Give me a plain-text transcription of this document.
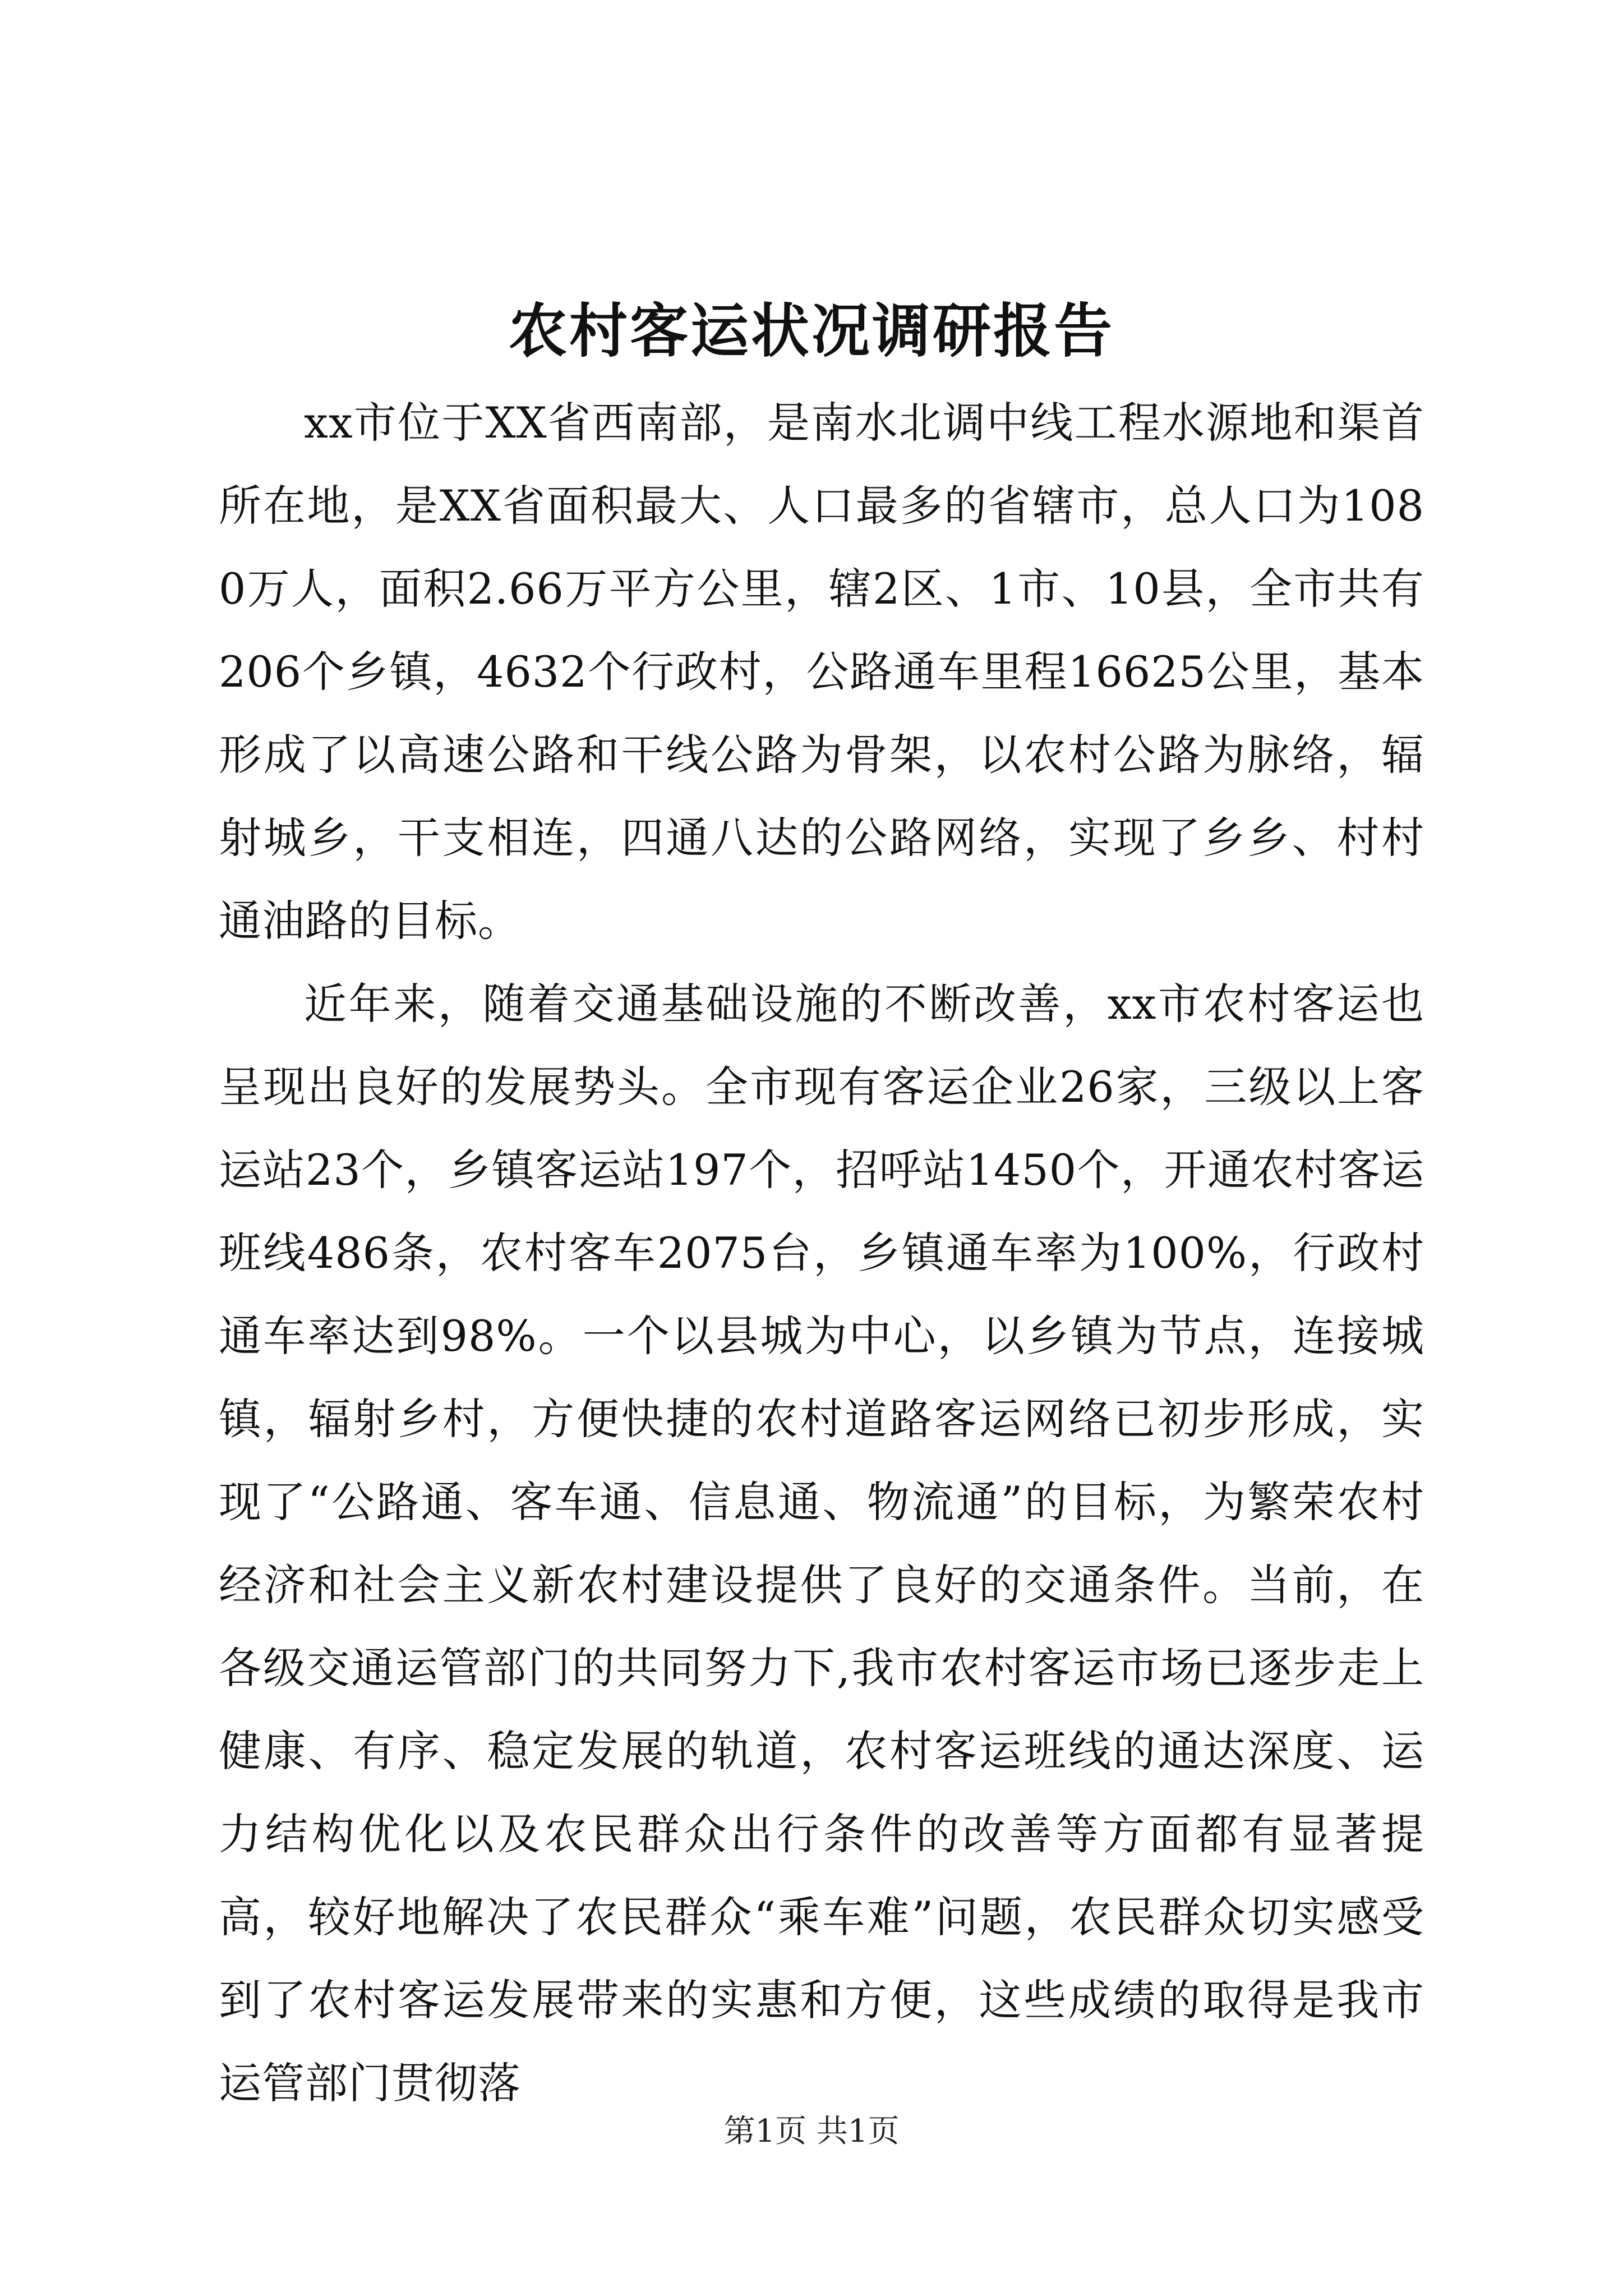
农村客运状况调研报告

xx市位于XX省西南部，是南水北调中线工程水源地和渠首所在地，是XX省面积最大、人口最多的省辖市，总人口为1080万人，面积2.66万平方公里，辖2区、1市、10县，全市共有206个乡镇，4632个行政村，公路通车里程16625公里，基本形成了以高速公路和干线公路为骨架，以农村公路为脉络，辐射城乡，干支相连，四通八达的公路网络，实现了乡乡、村村通油路的目标。

近年来，随着交通基础设施的不断改善，xx市农村客运也呈现出良好的发展势头。全市现有客运企业26家，三级以上客运站23个，乡镇客运站197个，招呼站1450个，开通农村客运班线486条，农村客车2075台，乡镇通车率为100%，行政村通车率达到98%。一个以县城为中心，以乡镇为节点，连接城镇，辐射乡村，方便快捷的农村道路客运网络已初步形成，实现了“公路通、客车通、信息通、物流通”的目标，为繁荣农村经济和社会主义新农村建设提供了良好的交通条件。当前，在各级交通运管部门的共同努力下,我市农村客运市场已逐步走上健康、有序、稳定发展的轨道，农村客运班线的通达深度、运力结构优化以及农民群众出行条件的改善等方面都有显著提高，较好地解决了农民群众“乘车难”问题，农民群众切实感受到了农村客运发展带来的实惠和方便，这些成绩的取得是我市运管部门贯彻落

第1页 共1页
